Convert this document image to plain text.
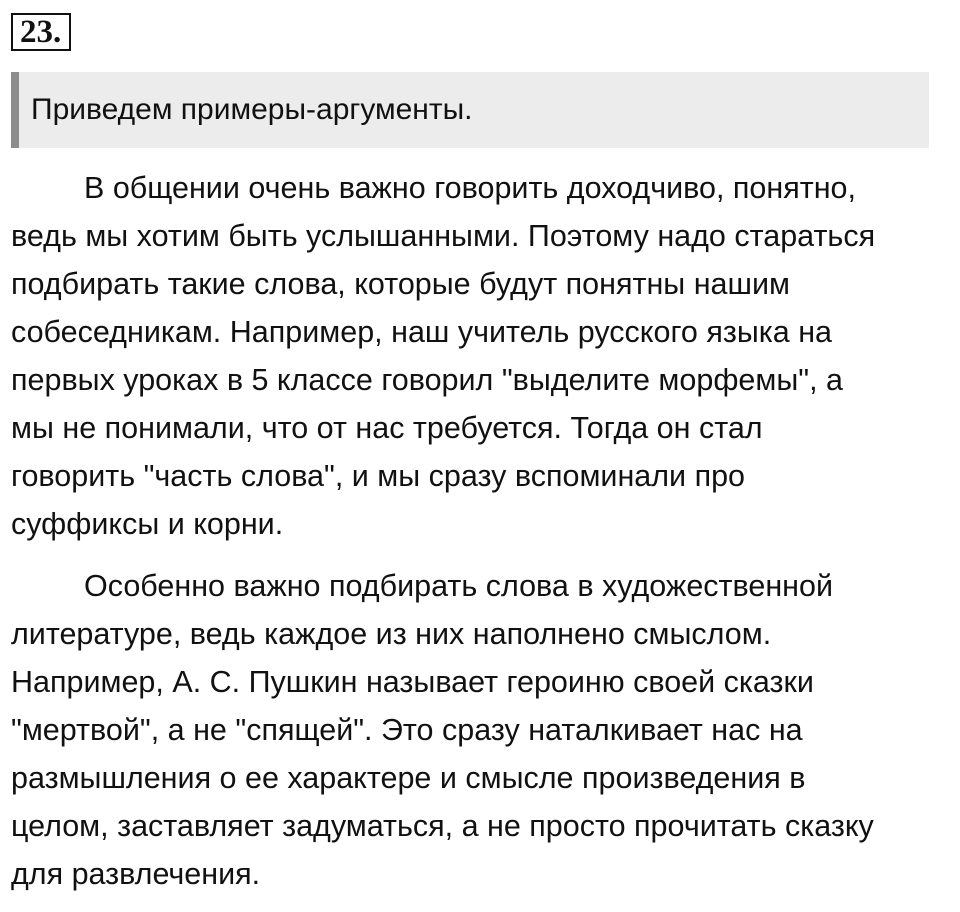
23.
Приведем примеры-аргументы.

В общении очень важно говорить доходчиво, понятно,
ведь мы хотим быть услышанными. Поэтому надо стараться
подбирать такие слова, которые будут понятны нашим
собеседникам. Например, наш учитель русского языка на
первых уроках в 5 классе говорил "выделите морфемы", а
мы не понимали, что от нас требуется. Тогда он стал
говорить "часть слова", и мы сразу вспоминали про
суффиксы и корни.

Особенно важно подбирать слова в художественной
литературе, ведь каждое из них наполнено смыслом.
Например, А. С. Пушкин называет героиню своей сказки
"мертвой", а не "спящей". Это сразу наталкивает нас на
размышления о ее характере и смысле произведения в
целом, заставляет задуматься, а не просто прочитать сказку
для развлечения.
